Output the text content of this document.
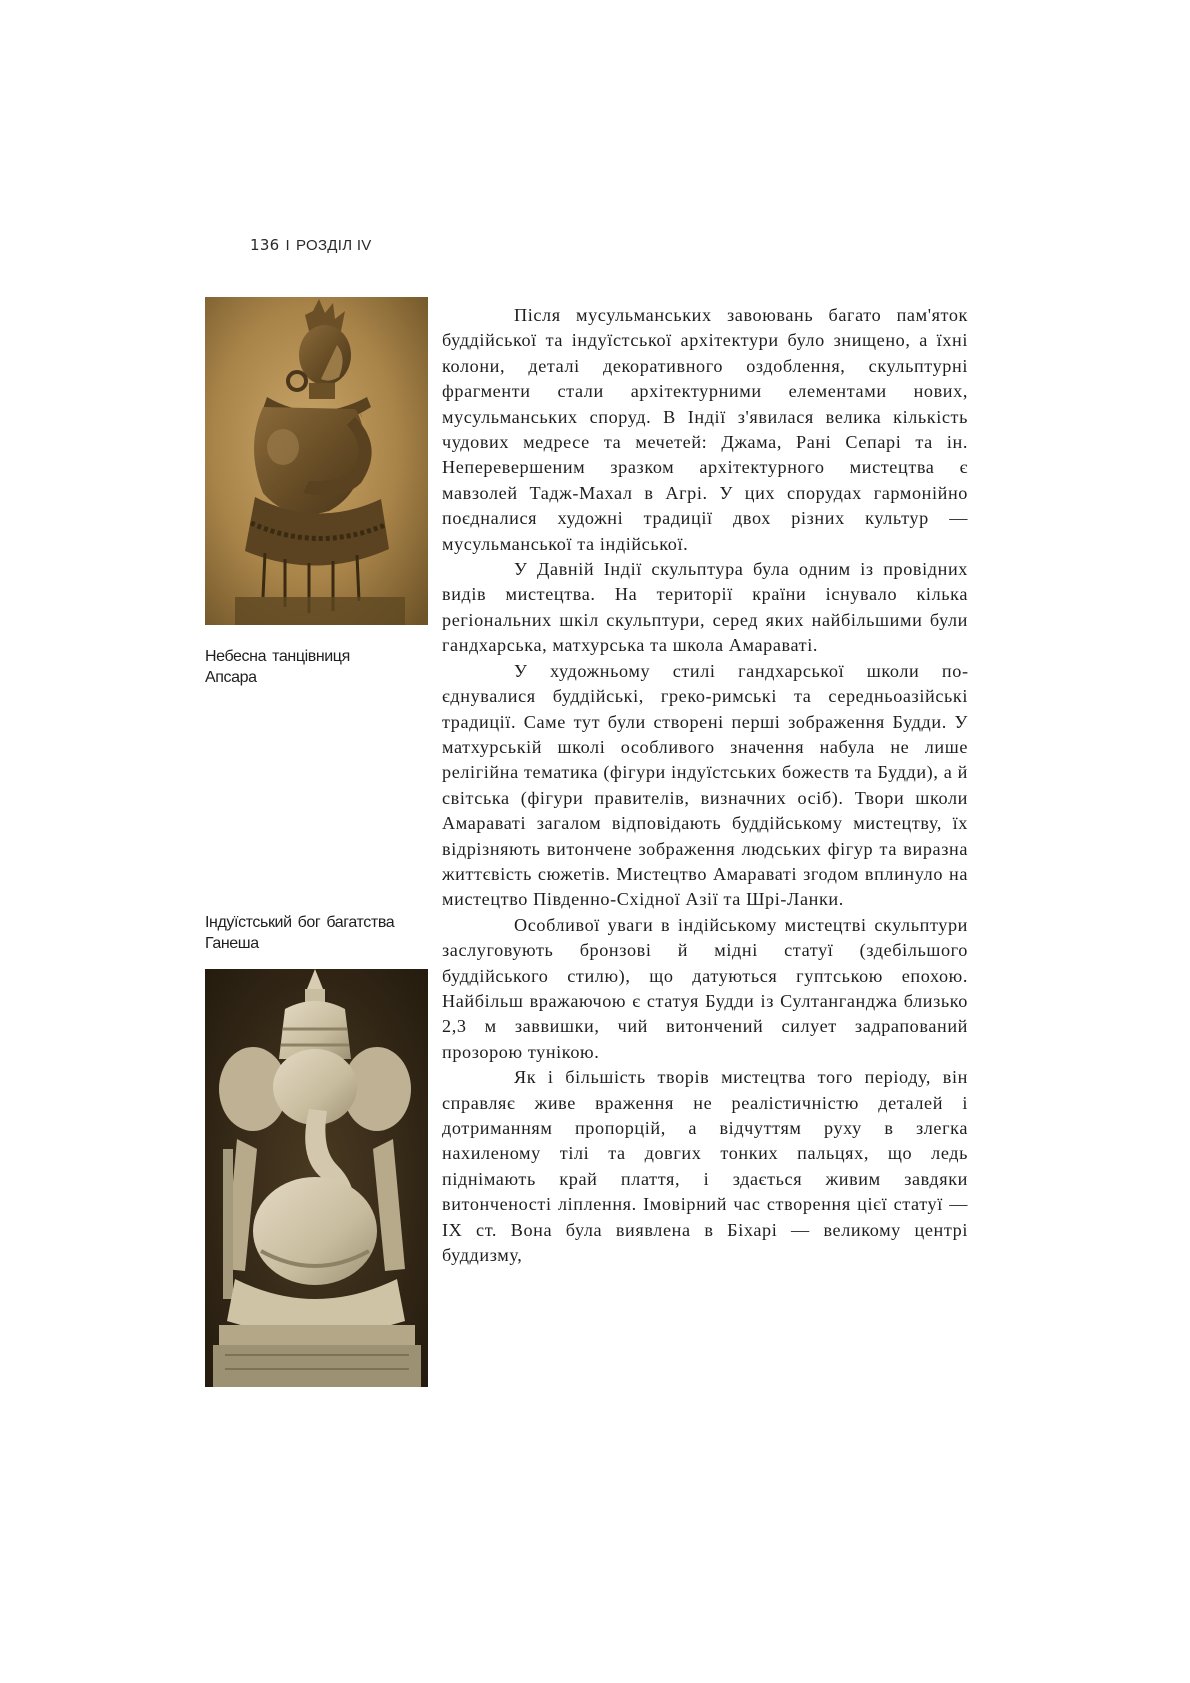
136 I РОЗДІЛ IV
Небесна танцівниця
Апсара
Індуїстський бог багатства
Ганеша

Після мусульманських завоювань багато пам'яток буддійської та індуїстської архітектури було знищено, а їхні колони, деталі декоративного оздоблення, скульптурні фрагменти стали архітектурними елементами нових, мусульманських споруд. В Індії з'явилася велика кількість чудових медресе та мечетей: Джама, Рані Сепарі та ін. Неперевершеним зразком архітектурного мистецтва є мавзолей Тадж-Махал в Агрі. У цих спорудах гармонійно поєдналися художні традиції двох різних культур — мусульманської та індійської.

У Давній Індії скульптура була одним із провідних видів мистецтва. На території країни існувало кілька регіональних шкіл скульптури, серед яких найбільшими були гандхарська, матхурська та школа Амараваті.

У художньому стилі гандхарської школи поєднувалися буддійські, греко-римські та середньоазійські традиції. Саме тут були створені перші зображення Будди. У матхурській школі особливого значення набула не лише релігійна тематика (фігури індуїстських божеств та Будди), а й світська (фігури правителів, визначних осіб). Твори школи Амараваті загалом відповідають буддійському мистецтву, їх відрізняють витончене зображення людських фігур та виразна життєвість сюжетів. Мистецтво Амараваті згодом вплинуло на мистецтво Південно-Східної Азії та Шрі-Ланки.

Особливої уваги в індійському мистецтві скульптури заслуговують бронзові й мідні статуї (здебільшого буддійського стилю), що датуються гуптською епохою. Найбільш вражаючою є статуя Будди із Султанганджа близько 2,3 м заввишки, чий витончений силует задрапований прозорою тунікою.

Як і більшість творів мистецтва того періоду, він справляє живе враження не реалістичністю деталей і дотриманням пропорцій, а відчуттям руху в злегка нахиленому тілі та довгих тонких пальцях, що ледь піднімають край плаття, і здається живим завдяки витонченості ліплення. Імовірний час створення цієї статуї — IX ст. Вона була виявлена в Біхарі — великому центрі буддизму,
